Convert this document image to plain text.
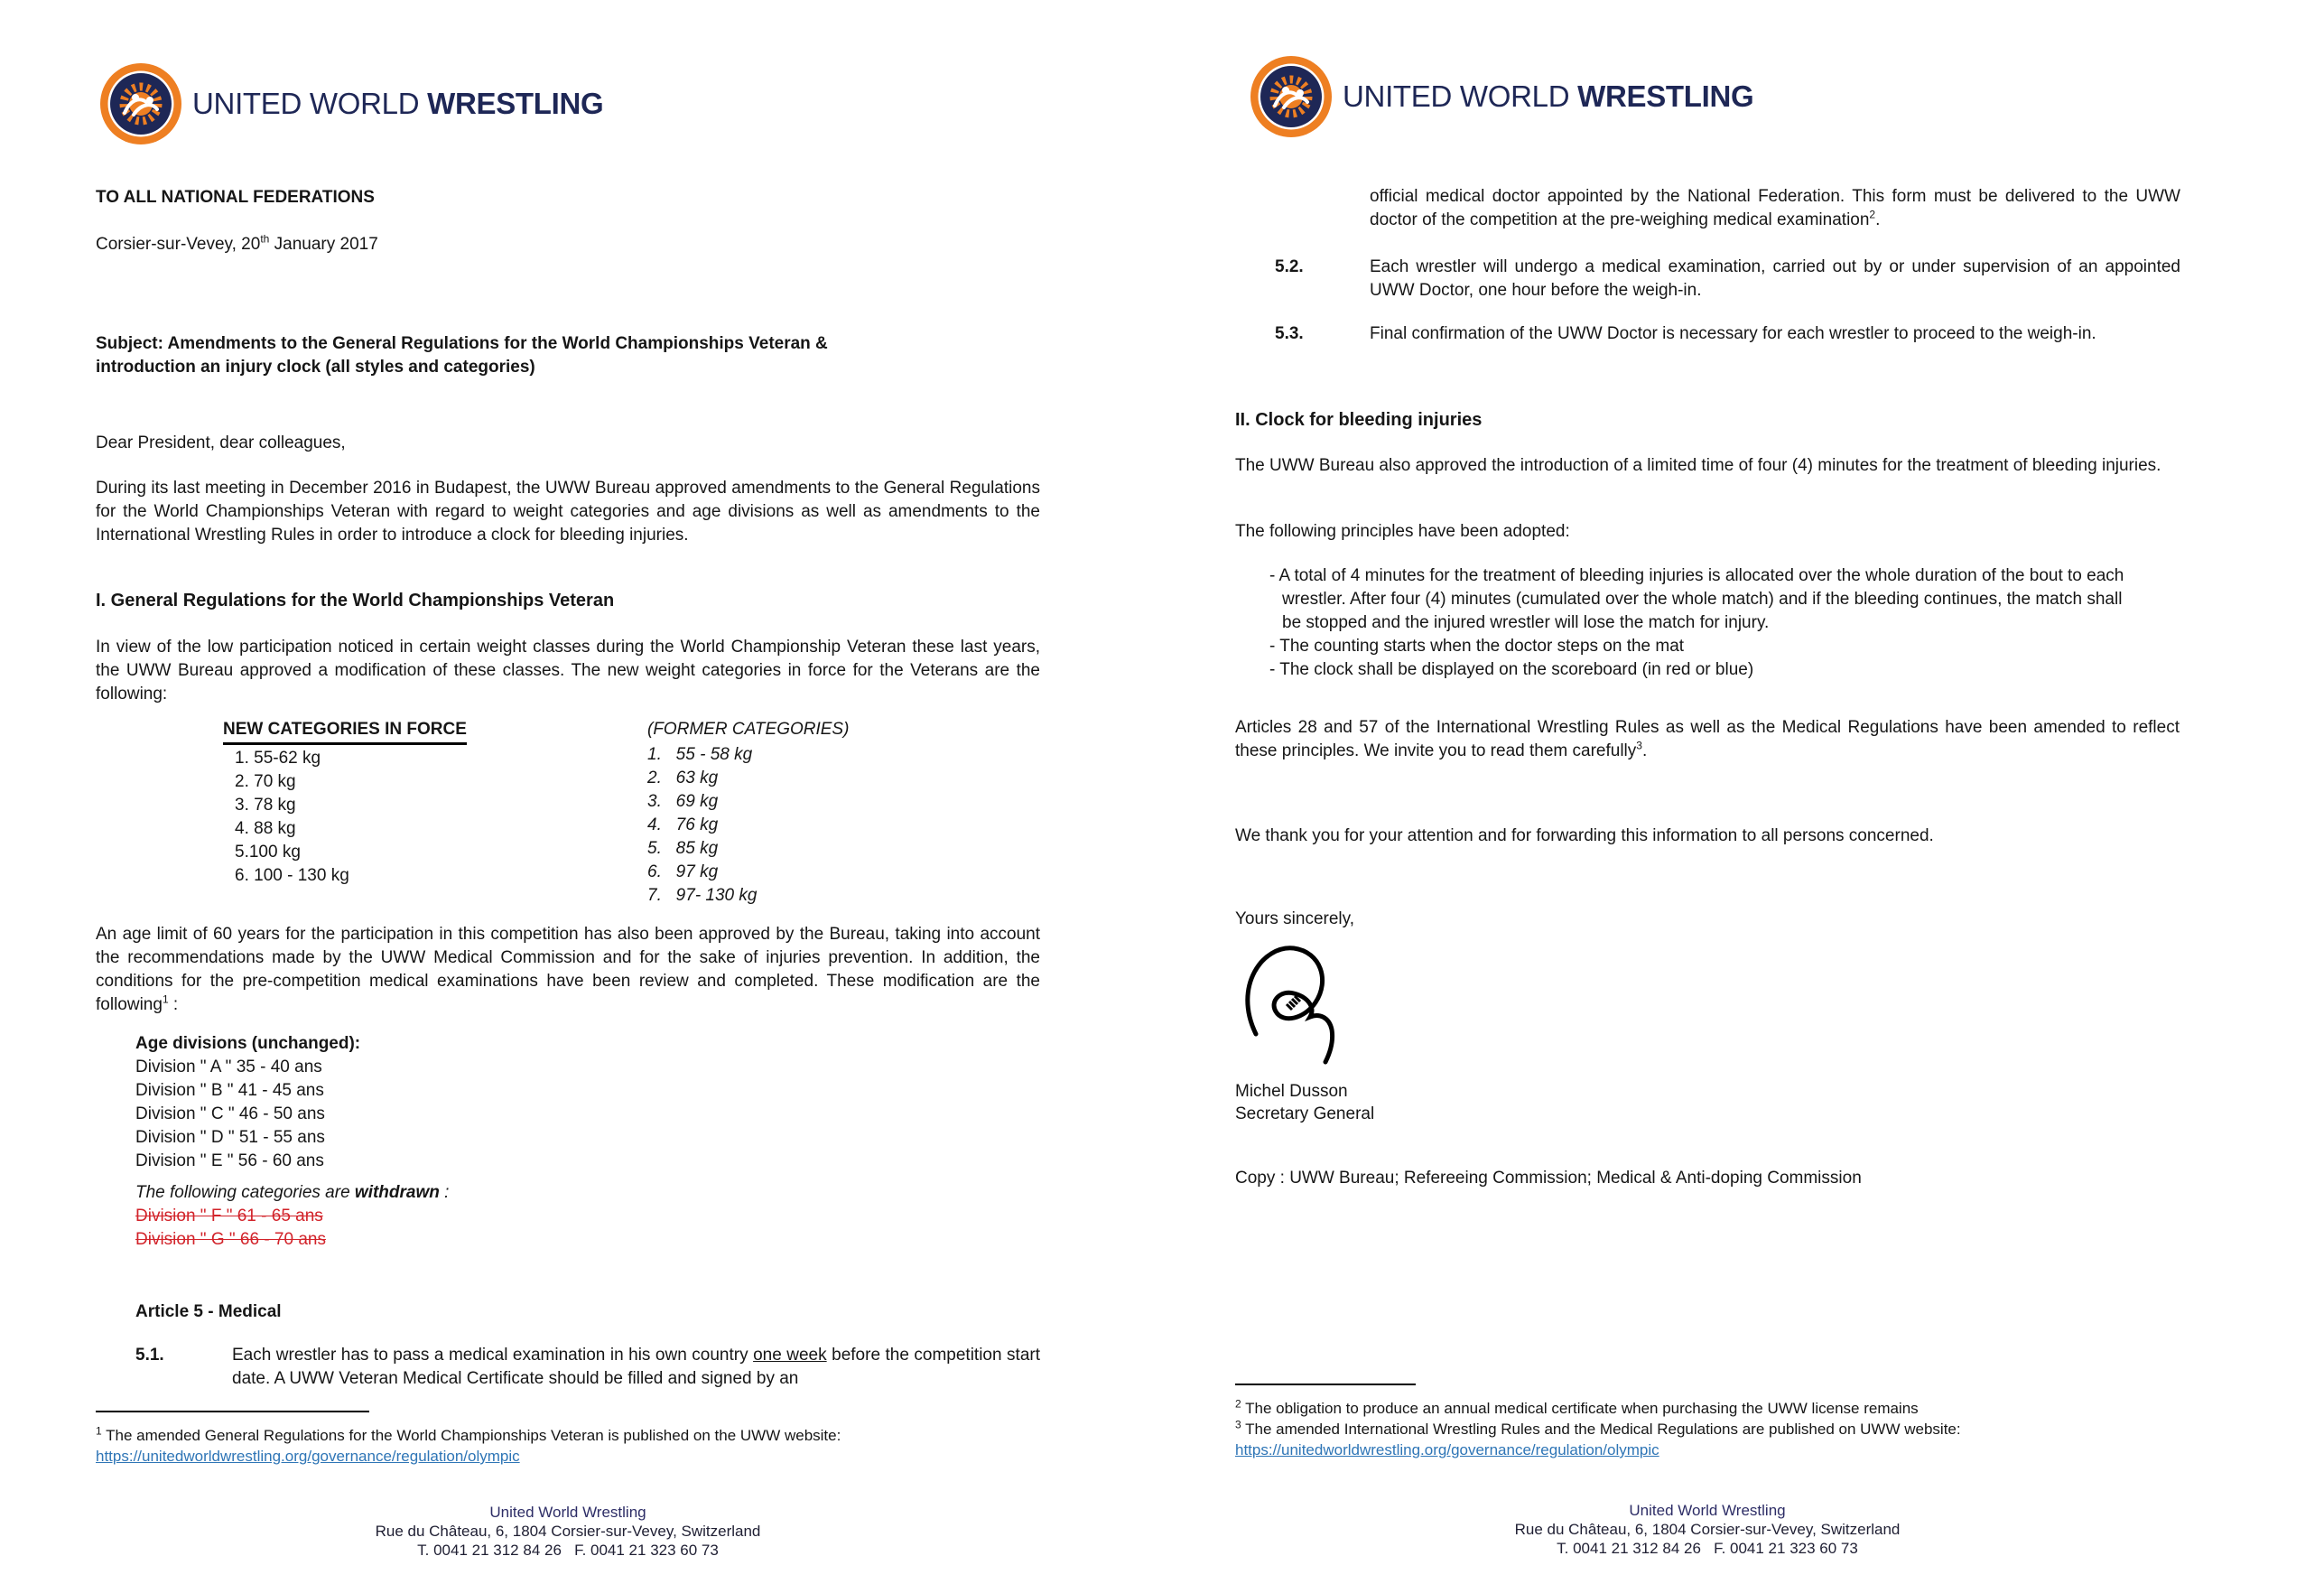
UNITED WORLD WRESTLING
TO ALL NATIONAL FEDERATIONS
Corsier-sur-Vevey, 20th January 2017
Subject: Amendments to the General Regulations for the World Championships Veteran &
introduction an injury clock (all styles and categories)
Dear President, dear colleagues,
During its last meeting in December 2016 in Budapest, the UWW Bureau approved amendments to the General Regulations for the World Championships Veteran with regard to weight categories and age divisions as well as amendments to the International Wrestling Rules in order to introduce a clock for bleeding injuries.
I. General Regulations for the World Championships Veteran
In view of the low participation noticed in certain weight classes during the World Championship Veteran these last years, the UWW Bureau approved a modification of these classes. The new weight categories in force for the Veterans are the following:
NEW CATEGORIES IN FORCE
1. 55-62 kg
2. 70 kg
3. 78 kg
4. 88 kg
5.100 kg
6. 100 - 130 kg
(FORMER CATEGORIES)
1.   55 - 58 kg
2.   63 kg
3.   69 kg
4.   76 kg
5.   85 kg
6.   97 kg
7.   97- 130 kg
An age limit of 60 years for the participation in this competition has also been approved by the Bureau, taking into account the recommendations made by the UWW Medical Commission and for the sake of injuries prevention. In addition, the conditions for the pre-competition medical examinations have been review and completed. These modification are the following$^1$ :
Age divisions (unchanged):
Division " A " 35 - 40 ans
Division " B " 41 - 45 ans
Division " C " 46 - 50 ans
Division " D " 51 - 55 ans
Division " E " 56 - 60 ans
The following categories are withdrawn :
Division " F " 61 - 65 ans
Division " G " 66 - 70 ans
Article 5 - Medical
5.1.	Each wrestler has to pass a medical examination in his own country one week before the competition start date. A UWW Veteran Medical Certificate should be filled and signed by an
$^1$ The amended General Regulations for the World Championships Veteran is published on the UWW website:
https://unitedworldwrestling.org/governance/regulation/olympic
United World Wrestling
Rue du Château, 6, 1804 Corsier-sur-Vevey, Switzerland
T. 0041 21 312 84 26   F. 0041 21 323 60 73
UNITED WORLD WRESTLING
official medical doctor appointed by the National Federation. This form must be delivered to the UWW doctor of the competition at the pre-weighing medical examination$^2$.
5.2.	Each wrestler will undergo a medical examination, carried out by or under supervision of an appointed UWW Doctor, one hour before the weigh-in.
5.3.	Final confirmation of the UWW Doctor is necessary for each wrestler to proceed to the weigh-in.
II. Clock for bleeding injuries
The UWW Bureau also approved the introduction of a limited time of four (4) minutes for the treatment of bleeding injuries.
The following principles have been adopted:
- A total of 4 minutes for the treatment of bleeding injuries is allocated over the whole duration of the bout to each wrestler. After four (4) minutes (cumulated over the whole match) and if the bleeding continues, the match shall be stopped and the injured wrestler will lose the match for injury.
- The counting starts when the doctor steps on the mat
- The clock shall be displayed on the scoreboard (in red or blue)
Articles 28 and 57 of the International Wrestling Rules as well as the Medical Regulations have been amended to reflect these principles. We invite you to read them carefully$^3$.
We thank you for your attention and for forwarding this information to all persons concerned.
Yours sincerely,
Michel Dusson
Secretary General
Copy : UWW Bureau; Refereeing Commission; Medical & Anti-doping Commission
$^2$ The obligation to produce an annual medical certificate when purchasing the UWW license remains
$^3$ The amended International Wrestling Rules and the Medical Regulations are published on UWW website:
https://unitedworldwrestling.org/governance/regulation/olympic
United World Wrestling
Rue du Château, 6, 1804 Corsier-sur-Vevey, Switzerland
T. 0041 21 312 84 26   F. 0041 21 323 60 73
